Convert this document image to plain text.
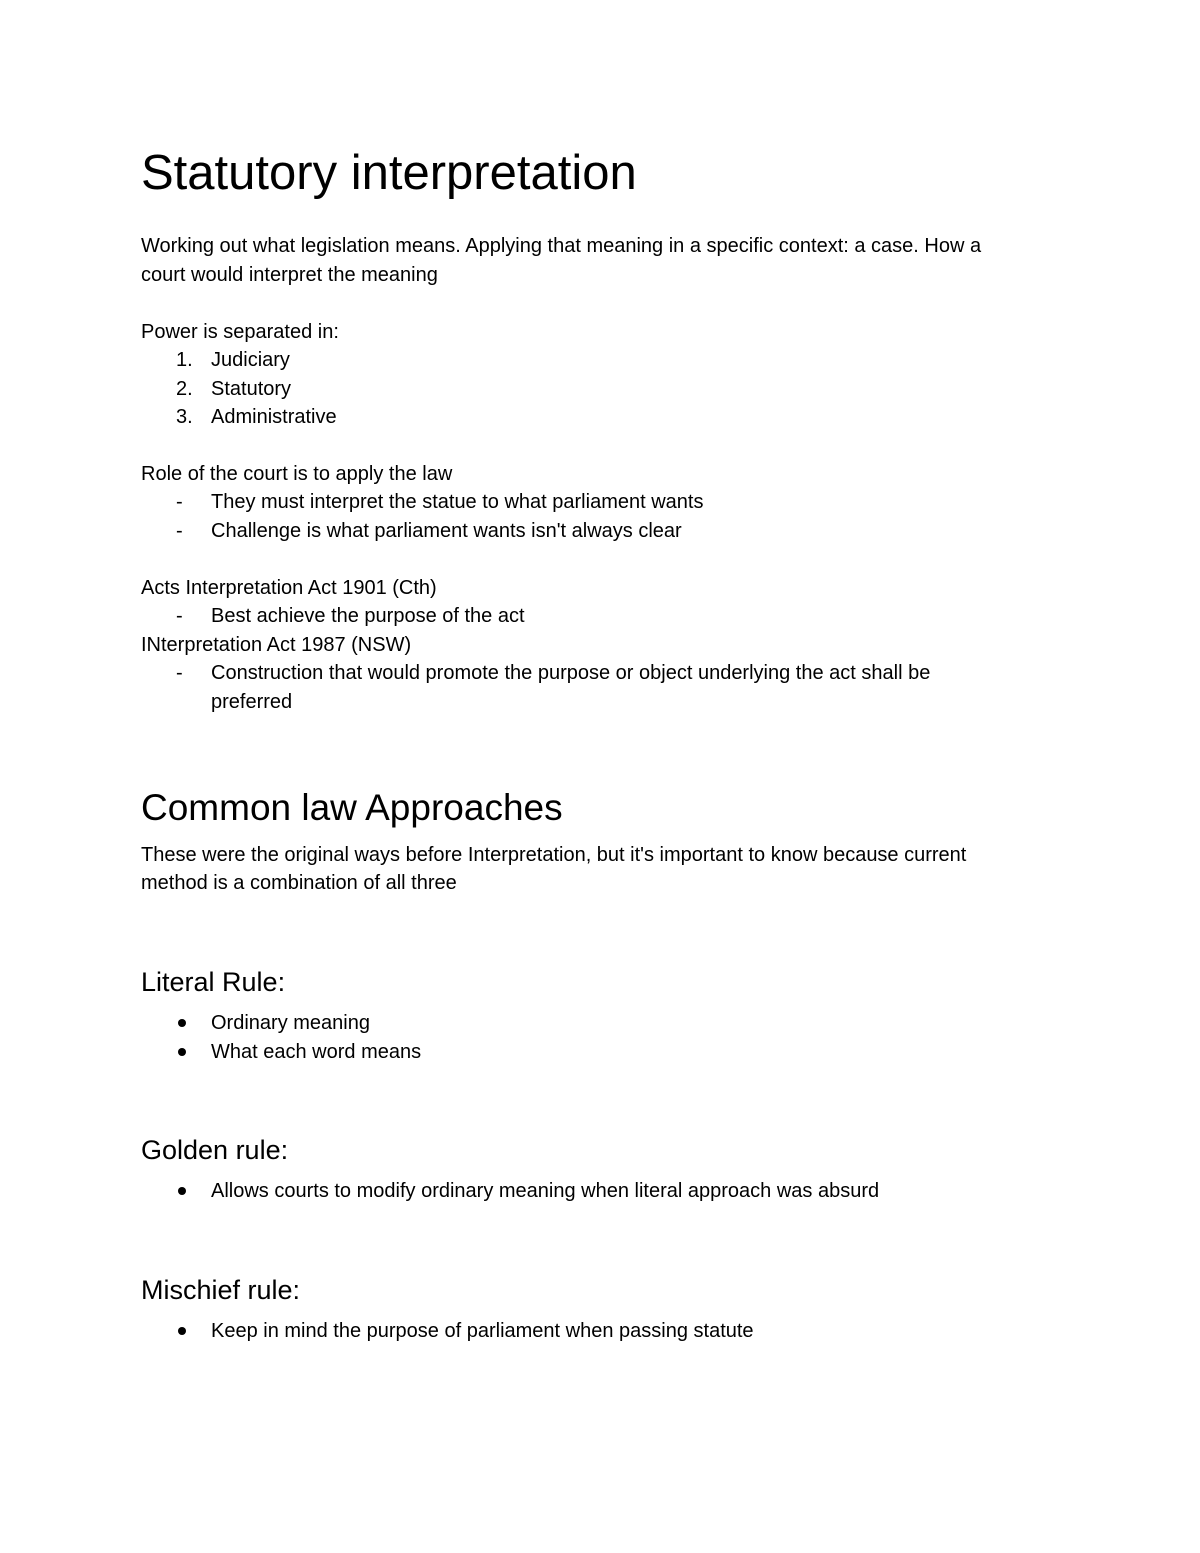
Statutory interpretation
Working out what legislation means. Applying that meaning in a specific context: a case. How a
court would interpret the meaning
Power is separated in:
1. Judiciary
2. Statutory
3. Administrative
Role of the court is to apply the law
- They must interpret the statue to what parliament wants
- Challenge is what parliament wants isn't always clear
Acts Interpretation Act 1901 (Cth)
- Best achieve the purpose of the act
INterpretation Act 1987 (NSW)
- Construction that would promote the purpose or object underlying the act shall be
preferred
Common law Approaches
These were the original ways before Interpretation, but it's important to know because current
method is a combination of all three
Literal Rule:
Ordinary meaning
What each word means
Golden rule:
Allows courts to modify ordinary meaning when literal approach was absurd
Mischief rule:
Keep in mind the purpose of parliament when passing statute
